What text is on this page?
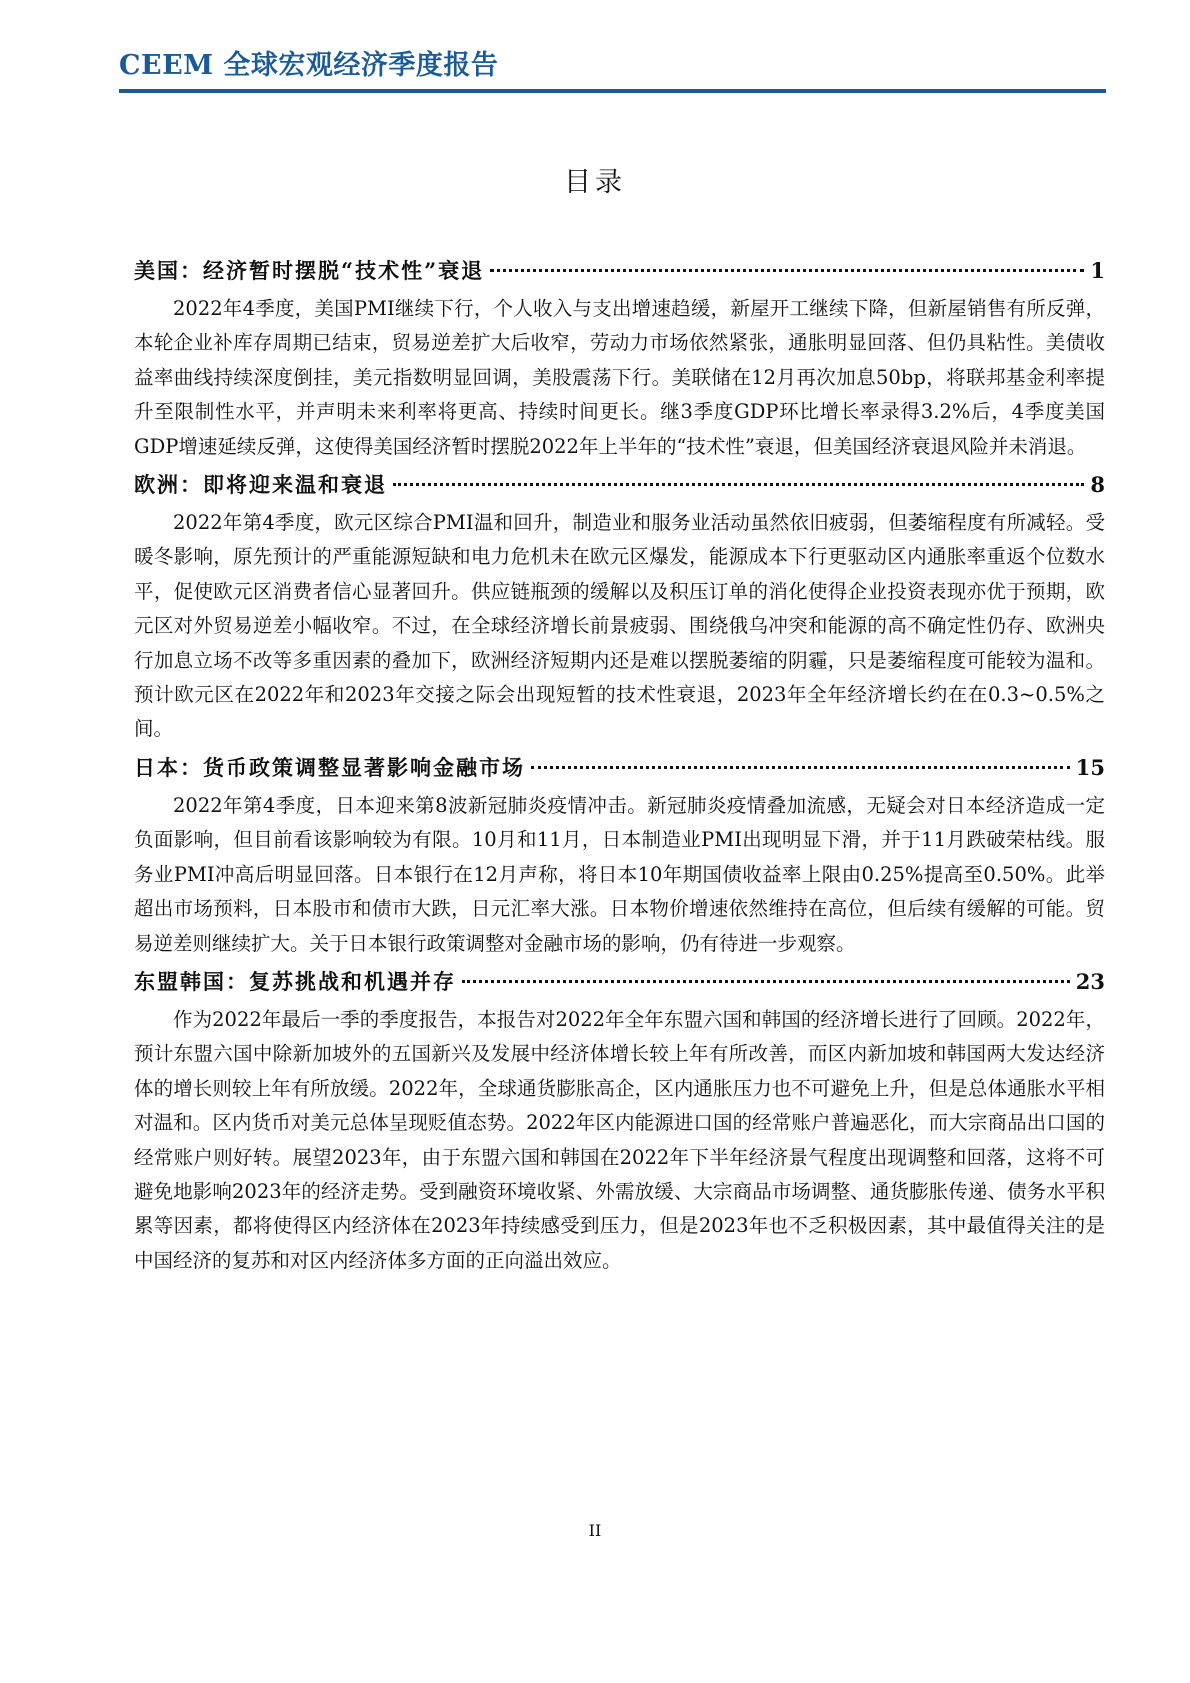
CEEM 全球宏观经济季度报告
目录
美国：经济暂时摆脱“技术性”衰退	1

2022年4季度，美国PMI继续下行，个人收入与支出增速趋缓，新屋开工继续下降，但新屋销售有所反弹，本轮企业补库存周期已结束，贸易逆差扩大后收窄，劳动力市场依然紧张，通胀明显回落、但仍具粘性。美债收益率曲线持续深度倒挂，美元指数明显回调，美股震荡下行。美联储在12月再次加息50bp，将联邦基金利率提升至限制性水平，并声明未来利率将更高、持续时间更长。继3季度GDP环比增长率录得3.2%后，4季度美国GDP增速延续反弹，这使得美国经济暂时摆脱2022年上半年的“技术性”衰退，但美国经济衰退风险并未消退。

欧洲：即将迎来温和衰退	8

2022年第4季度，欧元区综合PMI温和回升，制造业和服务业活动虽然依旧疲弱，但萎缩程度有所减轻。受暖冬影响，原先预计的严重能源短缺和电力危机未在欧元区爆发，能源成本下行更驱动区内通胀率重返个位数水平，促使欧元区消费者信心显著回升。供应链瓶颈的缓解以及积压订单的消化使得企业投资表现亦优于预期，欧元区对外贸易逆差小幅收窄。不过，在全球经济增长前景疲弱、围绕俄乌冲突和能源的高不确定性仍存、欧洲央行加息立场不改等多重因素的叠加下，欧洲经济短期内还是难以摆脱萎缩的阴霾，只是萎缩程度可能较为温和。预计欧元区在2022年和2023年交接之际会出现短暂的技术性衰退，2023年全年经济增长约在在0.3~0.5%之间。

日本：货币政策调整显著影响金融市场	15

2022年第4季度，日本迎来第8波新冠肺炎疫情冲击。新冠肺炎疫情叠加流感，无疑会对日本经济造成一定负面影响，但目前看该影响较为有限。10月和11月，日本制造业PMI出现明显下滑，并于11月跌破荣枯线。服务业PMI冲高后明显回落。日本银行在12月声称，将日本10年期国债收益率上限由0.25%提高至0.50%。此举超出市场预料，日本股市和债市大跌，日元汇率大涨。日本物价增速依然维持在高位，但后续有缓解的可能。贸易逆差则继续扩大。关于日本银行政策调整对金融市场的影响，仍有待进一步观察。

东盟韩国：复苏挑战和机遇并存	23

作为2022年最后一季的季度报告，本报告对2022年全年东盟六国和韩国的经济增长进行了回顾。2022年，预计东盟六国中除新加坡外的五国新兴及发展中经济体增长较上年有所改善，而区内新加坡和韩国两大发达经济体的增长则较上年有所放缓。2022年，全球通货膨胀高企，区内通胀压力也不可避免上升，但是总体通胀水平相对温和。区内货币对美元总体呈现贬值态势。2022年区内能源进口国的经常账户普遍恶化，而大宗商品出口国的经常账户则好转。展望2023年，由于东盟六国和韩国在2022年下半年经济景气程度出现调整和回落，这将不可避免地影响2023年的经济走势。受到融资环境收紧、外需放缓、大宗商品市场调整、通货膨胀传递、债务水平积累等因素，都将使得区内经济体在2023年持续感受到压力，但是2023年也不乏积极因素，其中最值得关注的是中国经济的复苏和对区内经济体多方面的正向溢出效应。

II
